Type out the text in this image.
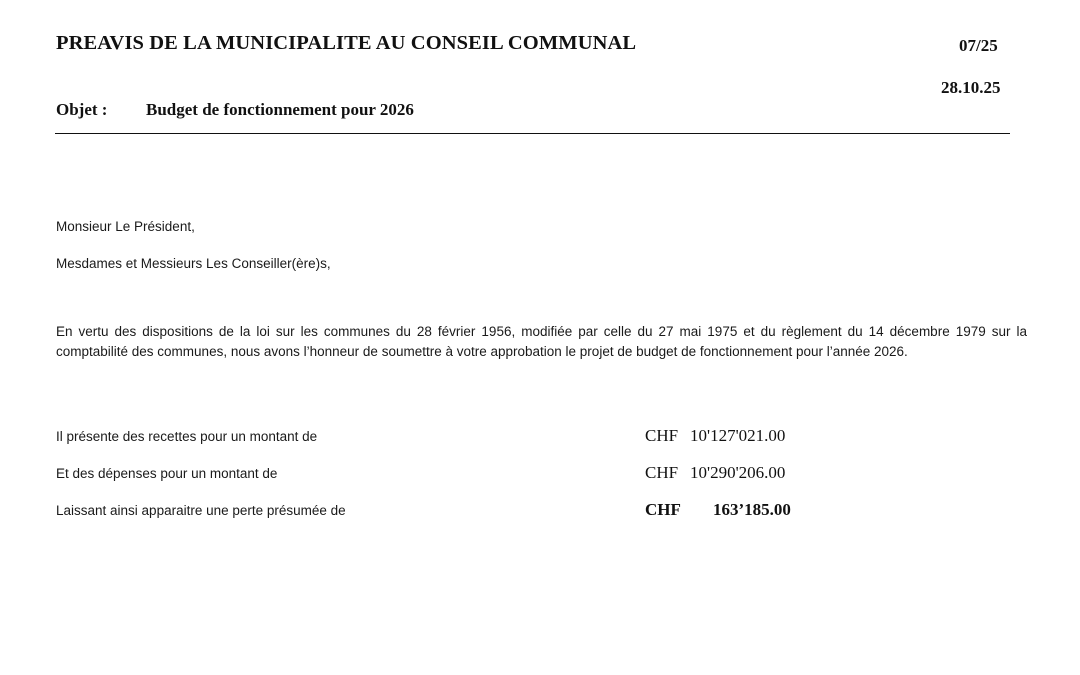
PREAVIS DE LA MUNICIPALITE AU CONSEIL COMMUNAL	07/25
28.10.25
Objet : Budget de fonctionnement pour 2026
Monsieur Le Président,
Mesdames et Messieurs Les Conseiller(ère)s,

En vertu des dispositions de la loi sur les communes du 28 février 1956, modifiée par celle du 27 mai 1975 et du règlement du 14 décembre 1979 sur la comptabilité des communes, nous avons l’honneur de soumettre à votre approbation le projet de budget de fonctionnement pour l’année 2026.

Il présente des recettes pour un montant de	CHF 10'127'021.00
Et des dépenses pour un montant de	CHF 10'290'206.00
Laissant ainsi apparaitre une perte présumée de	CHF 163’185.00
